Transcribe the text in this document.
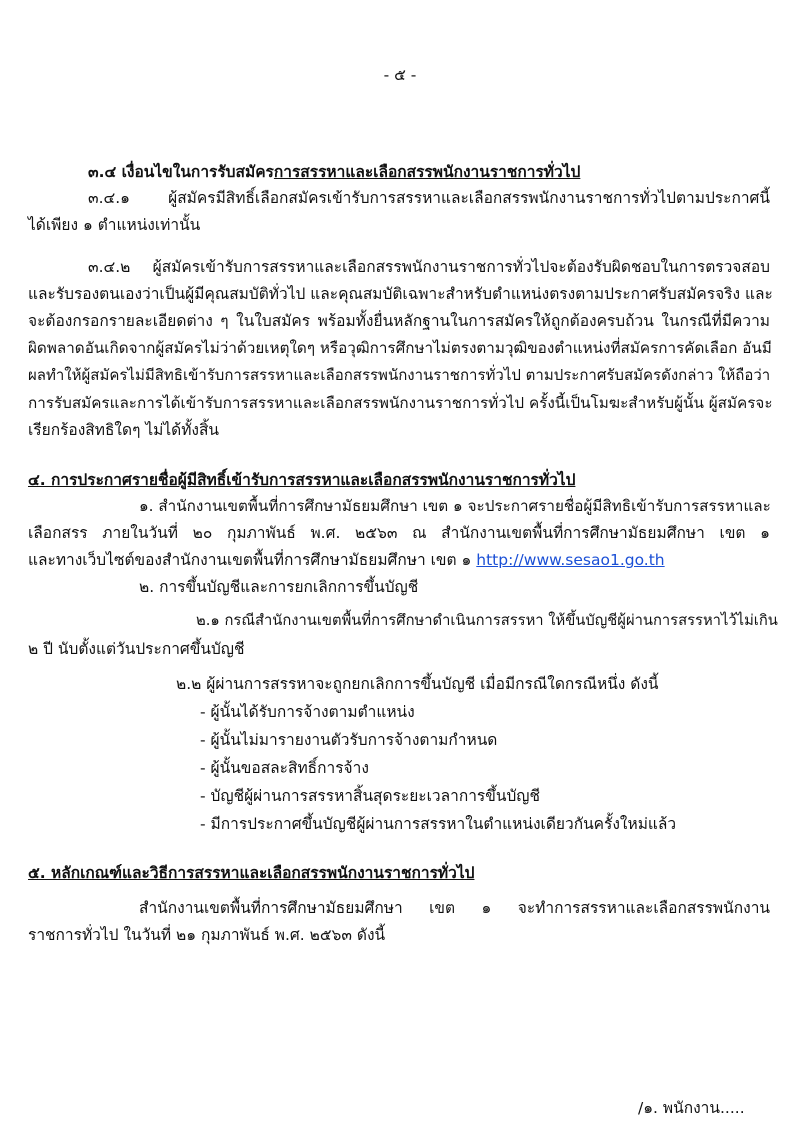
- ๕ -
๓.๔ เงื่อนไขในการรับสมัครการสรรหาและเลือกสรรพนักงานราชการทั่วไป
๓.๔.๑ ผู้สมัครมีสิทธิ์เลือกสมัครเข้ารับการสรรหาและเลือกสรรพนักงานราชการทั่วไปตามประกาศนี้
ได้เพียง ๑ ตำแหน่งเท่านั้น
๓.๔.๒ ผู้สมัครเข้ารับการสรรหาและเลือกสรรพนักงานราชการทั่วไปจะต้องรับผิดชอบในการตรวจสอบ
และรับรองตนเองว่าเป็นผู้มีคุณสมบัติทั่วไป และคุณสมบัติเฉพาะสำหรับตำแหน่งตรงตามประกาศรับสมัครจริง และ
จะต้องกรอกรายละเอียดต่าง ๆ ในใบสมัคร พร้อมทั้งยื่นหลักฐานในการสมัครให้ถูกต้องครบถ้วน ในกรณีที่มีความ
ผิดพลาดอันเกิดจากผู้สมัครไม่ว่าด้วยเหตุใดๆ หรือวุฒิการศึกษาไม่ตรงตามวุฒิของตำแหน่งที่สมัครการคัดเลือก อันมี
ผลทำให้ผู้สมัครไม่มีสิทธิเข้ารับการสรรหาและเลือกสรรพนักงานราชการทั่วไป ตามประกาศรับสมัครดังกล่าว ให้ถือว่า
การรับสมัครและการได้เข้ารับการสรรหาและเลือกสรรพนักงานราชการทั่วไป ครั้งนี้เป็นโมฆะสำหรับผู้นั้น ผู้สมัครจะ
เรียกร้องสิทธิใดๆ ไม่ได้ทั้งสิ้น
๔. การประกาศรายชื่อผู้มีสิทธิ์เข้ารับการสรรหาและเลือกสรรพนักงานราชการทั่วไป
๑. สำนักงานเขตพื้นที่การศึกษามัธยมศึกษา เขต ๑ จะประกาศรายชื่อผู้มีสิทธิเข้ารับการสรรหาและ
เลือกสรร ภายในวันที่ ๒๐ กุมภาพันธ์ พ.ศ. ๒๕๖๓ ณ สำนักงานเขตพื้นที่การศึกษามัธยมศึกษา เขต ๑
และทางเว็บไซต์ของสำนักงานเขตพื้นที่การศึกษามัธยมศึกษา เขต ๑ http://www.sesao1.go.th
๒. การขึ้นบัญชีและการยกเลิกการขึ้นบัญชี
๒.๑ กรณีสำนักงานเขตพื้นที่การศึกษาดำเนินการสรรหา ให้ขึ้นบัญชีผู้ผ่านการสรรหาไว้ไม่เกิน
๒ ปี นับตั้งแต่วันประกาศขึ้นบัญชี
๒.๒ ผู้ผ่านการสรรหาจะถูกยกเลิกการขึ้นบัญชี เมื่อมีกรณีใดกรณีหนึ่ง ดังนี้
- ผู้นั้นได้รับการจ้างตามตำแหน่ง
- ผู้นั้นไม่มารายงานตัวรับการจ้างตามกำหนด
- ผู้นั้นขอสละสิทธิ์การจ้าง
- บัญชีผู้ผ่านการสรรหาสิ้นสุดระยะเวลาการขึ้นบัญชี
- มีการประกาศขึ้นบัญชีผู้ผ่านการสรรหาในตำแหน่งเดียวกันครั้งใหม่แล้ว
๕. หลักเกณฑ์และวิธีการสรรหาและเลือกสรรพนักงานราชการทั่วไป
สำนักงานเขตพื้นที่การศึกษามัธยมศึกษา เขต ๑ จะทำการสรรหาและเลือกสรรพนักงาน
ราชการทั่วไป ในวันที่ ๒๑ กุมภาพันธ์ พ.ศ. ๒๕๖๓ ดังนี้
/๑. พนักงาน.....
